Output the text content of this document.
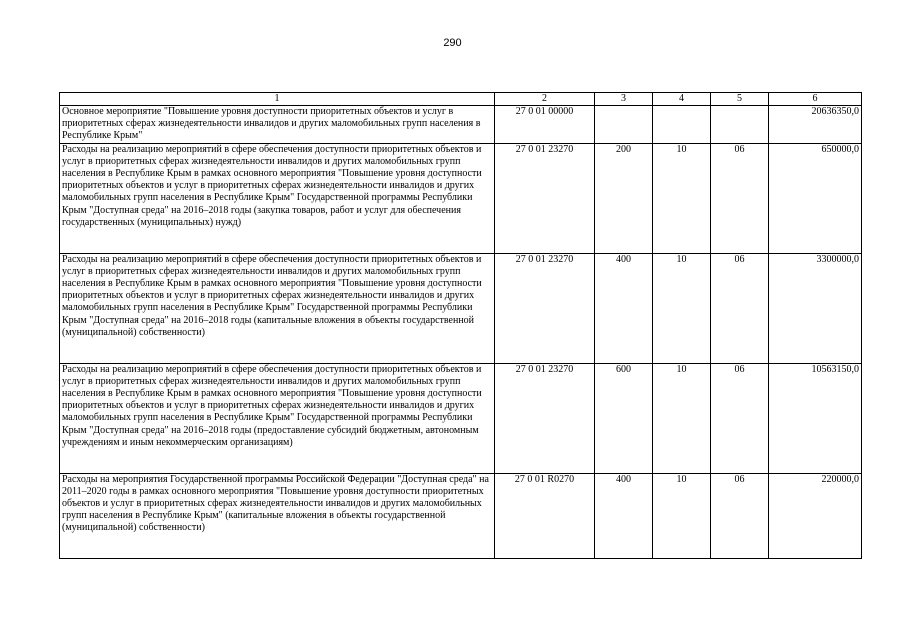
290
1	2	3	4	5	6
Основное мероприятие "Повышение уровня доступности приоритетных объектов и услуг в приоритетных сферах жизнедеятельности инвалидов и других маломобильных групп населения в Республике Крым"	27 0 01 00000				20636350,0
Расходы на реализацию мероприятий в сфере обеспечения доступности приоритетных объектов и услуг в приоритетных сферах жизнедеятельности инвалидов и других маломобильных групп населения в Республике Крым в рамках основного мероприятия "Повышение уровня доступности приоритетных объектов и услуг в приоритетных сферах жизнедеятельности инвалидов и других маломобильных групп населения в Республике Крым" Государственной программы Республики Крым "Доступная среда" на 2016–2018 годы (закупка товаров, работ и услуг для обеспечения государственных (муниципальных) нужд)	27 0 01 23270	200	10	06	650000,0
Расходы на реализацию мероприятий в сфере обеспечения доступности приоритетных объектов и услуг в приоритетных сферах жизнедеятельности инвалидов и других маломобильных групп населения в Республике Крым в рамках основного мероприятия "Повышение уровня доступности приоритетных объектов и услуг в приоритетных сферах жизнедеятельности инвалидов и других маломобильных групп населения в Республике Крым" Государственной программы Республики Крым "Доступная среда" на 2016–2018 годы (капитальные вложения в объекты государственной (муниципальной) собственности)	27 0 01 23270	400	10	06	3300000,0
Расходы на реализацию мероприятий в сфере обеспечения доступности приоритетных объектов и услуг в приоритетных сферах жизнедеятельности инвалидов и других маломобильных групп населения в Республике Крым в рамках основного мероприятия "Повышение уровня доступности приоритетных объектов и услуг в приоритетных сферах жизнедеятельности инвалидов и других маломобильных групп населения в Республике Крым" Государственной программы Республики Крым "Доступная среда" на 2016–2018 годы (предоставление субсидий бюджетным, автономным учреждениям и иным некоммерческим организациям)	27 0 01 23270	600	10	06	10563150,0
Расходы на мероприятия Государственной программы Российской Федерации "Доступная среда" на 2011–2020 годы в рамках основного мероприятия "Повышение уровня доступности приоритетных объектов и услуг в приоритетных сферах жизнедеятельности инвалидов и других маломобильных групп населения в Республике Крым" (капитальные вложения в объекты государственной (муниципальной) собственности)	27 0 01 R0270	400	10	06	220000,0
